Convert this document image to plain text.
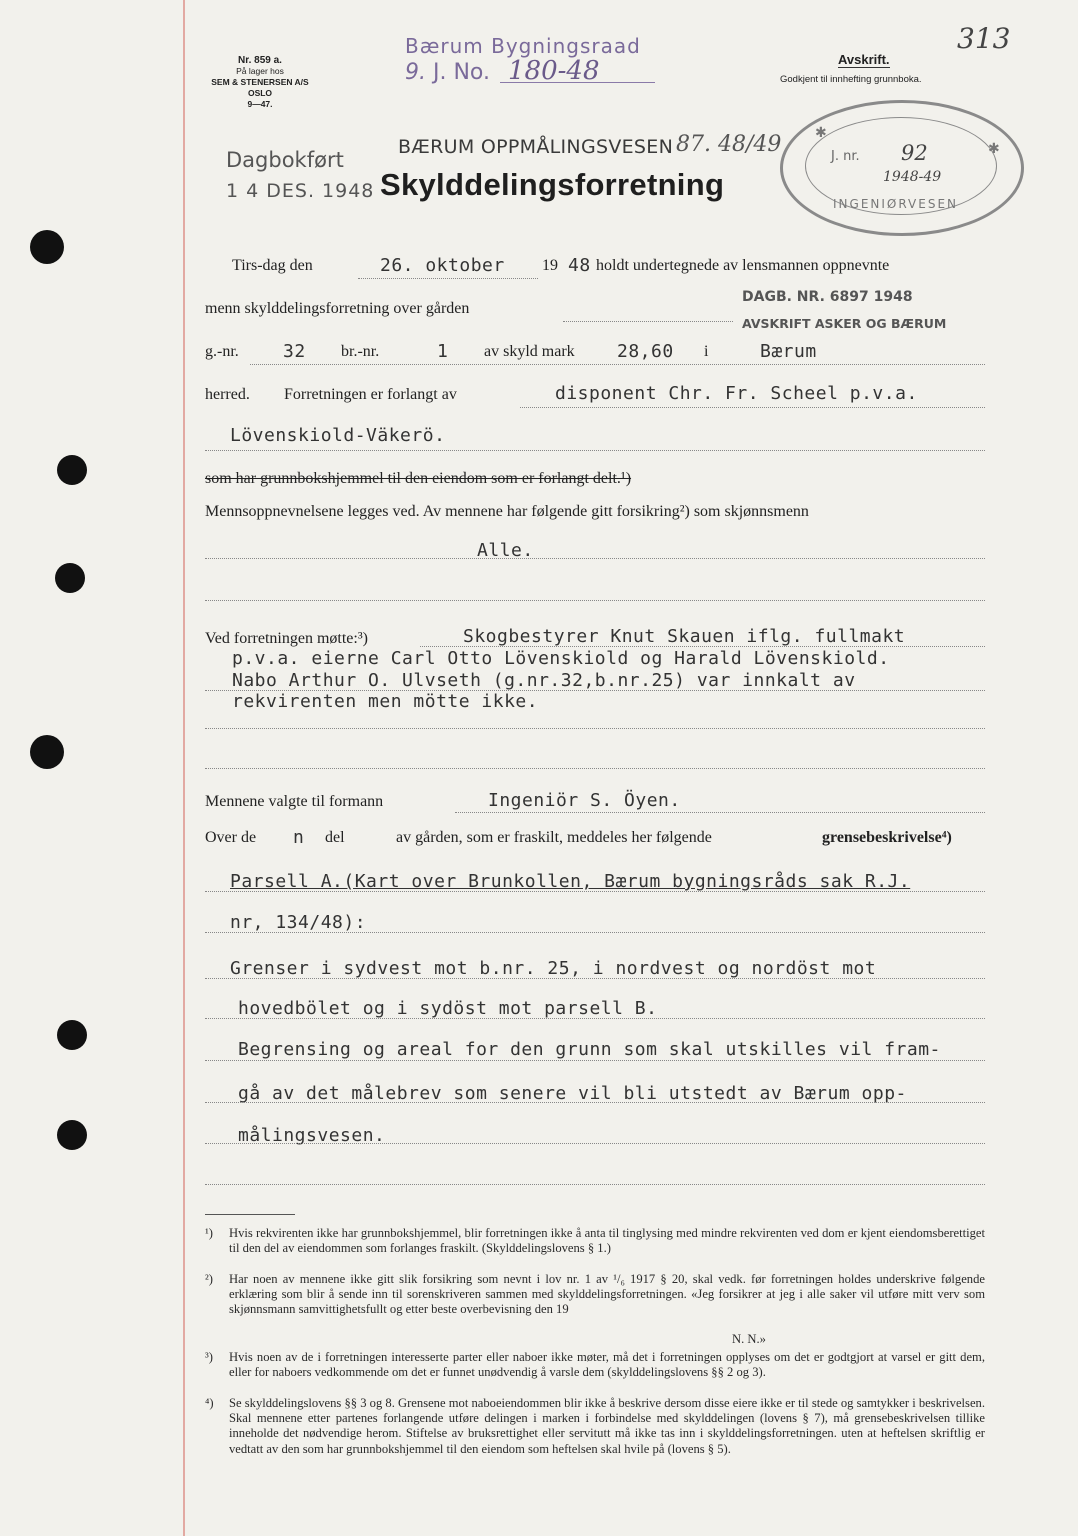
Nr. 859 a.
På lager hos
SEM & STENERSEN A/S OSLO
9—47.
Bærum Bygningsraad
9. J. No. 180-48	Avskrift.
Godkjent til innhefting grunnboka.
313
Dagbokført
1 4 DES. 1948
BÆRUM OPPMÅLINGSVESEN 87. 48/49
Skylddelingsforretning
✱
✱
J. nr. 92
1948-49
INGENIØRVESEN
Tirs-dag den	26. oktober 19 48 holdt undertegnede av lensmannen oppnevnte
menn skylddelingsforretning over gården
DAGB. NR. 6897 1948
AVSKRIFT ASKER OG BÆRUM
g.-nr. 32 br.-nr.	1 av skyld mark 28,60 i	Bærum
herred. Forretningen er forlangt av	disponent Chr. Fr. Scheel p.v.a.
Lövenskiold-Väkerö.
som har grunnbokshjemmel til den eiendom som er forlangt delt.¹)
Mennsoppnevnelsene legges ved. Av mennene har følgende gitt forsikring²) som skjønnsmenn
Alle.
Ved forretningen møtte:³)	Skogbestyrer Knut Skauen iflg. fullmakt
p.v.a. eierne Carl Otto Lövenskiold og Harald Lövenskiold.
Nabo Arthur O. Ulvseth (g.nr.32,b.nr.25) var innkalt av
rekvirenten men mötte ikke.
Mennene valgte til formann	Ingeniör S. Öyen.
Over de n del	av gården, som er fraskilt, meddeles her følgende	grensebeskrivelse⁴)
Parsell A.(Kart over Brunkollen, Bærum bygningsråds sak R.J.
nr, 134/48):
Grenser i sydvest mot b.nr. 25, i nordvest og nordöst mot
hovedbölet og i sydöst mot parsell B.
Begrensing og areal for den grunn som skal utskilles vil fram-
gå av det målebrev som senere vil bli utstedt av Bærum opp-
målingsvesen.
¹) Hvis rekvirenten ikke har grunnbokshjemmel, blir forretningen ikke å anta til tinglysing med mindre rekvirenten ved dom er kjent eiendomsberettiget til den del av eiendommen som forlanges fraskilt. (Skylddelingslovens § 1.)
²) Har noen av mennene ikke gitt slik forsikring som nevnt i lov nr. 1 av ¹/₆ 1917 § 20, skal vedk. før forretningen holdes underskrive følgende erklæring som blir å sende inn til sorenskriveren sammen med skylddelingsforretningen. «Jeg forsikrer at jeg i alle saker vil utføre mitt verv som skjønnsmann samvittighetsfullt og etter beste overbevisning den 19
N. N.»
³) Hvis noen av de i forretningen interesserte parter eller naboer ikke møter, må det i forretningen opplyses om det er godtgjort at varsel er gitt dem, eller for naboers vedkommende om det er funnet unødvendig å varsle dem (skylddelingslovens §§ 2 og 3).
⁴) Se skylddelingslovens §§ 3 og 8. Grensene mot naboeiendommen blir ikke å beskrive dersom disse eiere ikke er til stede og samtykker i beskrivelsen. Skal mennene etter partenes forlangende utføre delingen i marken i forbindelse med skylddelingen (lovens § 7), må grensebeskrivelsen tillike inneholde det nødvendige herom. Stiftelse av bruksrettighet eller servitutt må ikke tas inn i skylddelingsforretningen. uten at heftelsen skriftlig er vedtatt av den som har grunnbokshjemmel til den eiendom som heftelsen skal hvile på (lovens § 5).
